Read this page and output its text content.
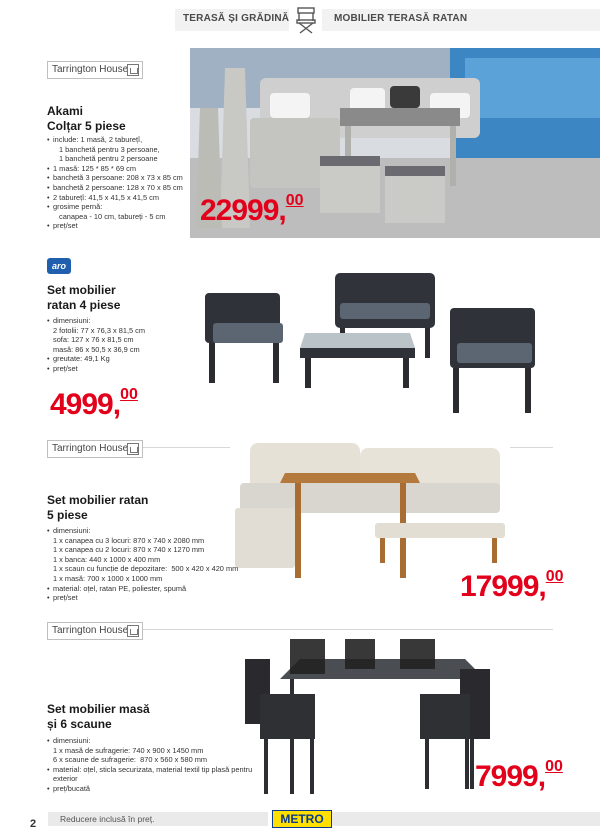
TERASĂ ȘI GRĂDINĂ	MOBILIER TERASĂ RATAN
Tarrington House
Akami
Colțar 5 piese
• include: 1 masă, 2 taburețî,
1 banchetă pentru 3 persoane,
1 banchetă pentru 2 persoane
• 1 masă: 125 * 85 * 69 cm
• banchetă 3 persoane: 208 x 73 x 85 cm
• banchetă 2 persoane: 128 x 70 x 85 cm
• 2 taburețî: 41,5 x 41,5 x 41,5 cm
• grosime pernă:
canapea - 10 cm, tabureți - 5 cm
• preț/set	22999,00
aro
Set mobilier
ratan 4 piese
• dimensiuni:
2 fotolii: 77 x 76,3 x 81,5 cm
sofa: 127 x 76 x 81,5 cm
masă: 86 x 50,5 x 36,9 cm
• greutate: 49,1 Kg
• preț/set
4999,00
Tarrington House
Set mobilier ratan
5 piese
• dimensiuni:
1 x canapea cu 3 locuri: 870 x 740 x 2080 mm
1 x canapea cu 2 locuri: 870 x 740 x 1270 mm
1 x banca: 440 x 1000 x 400 mm
1 x scaun cu funcție de depozitare:  500 x 420 x 420 mm
1 x masă: 700 x 1000 x 1000 mm
• material: oțel, ratan PE, poliester, spumă
• preț/set	17999,00
Tarrington House
Set mobilier masă
și 6 scaune
• dimensiuni:
1 x masă de sufragerie: 740 x 900 x 1450 mm
6 x scaune de sufragerie:  870 x 560 x 580 mm
• material: oțel, sticla securizata, material textil tip plasă pentru
exterior
• preț/bucată	7999,00
2	Reducere inclusă în preț.	METRO
